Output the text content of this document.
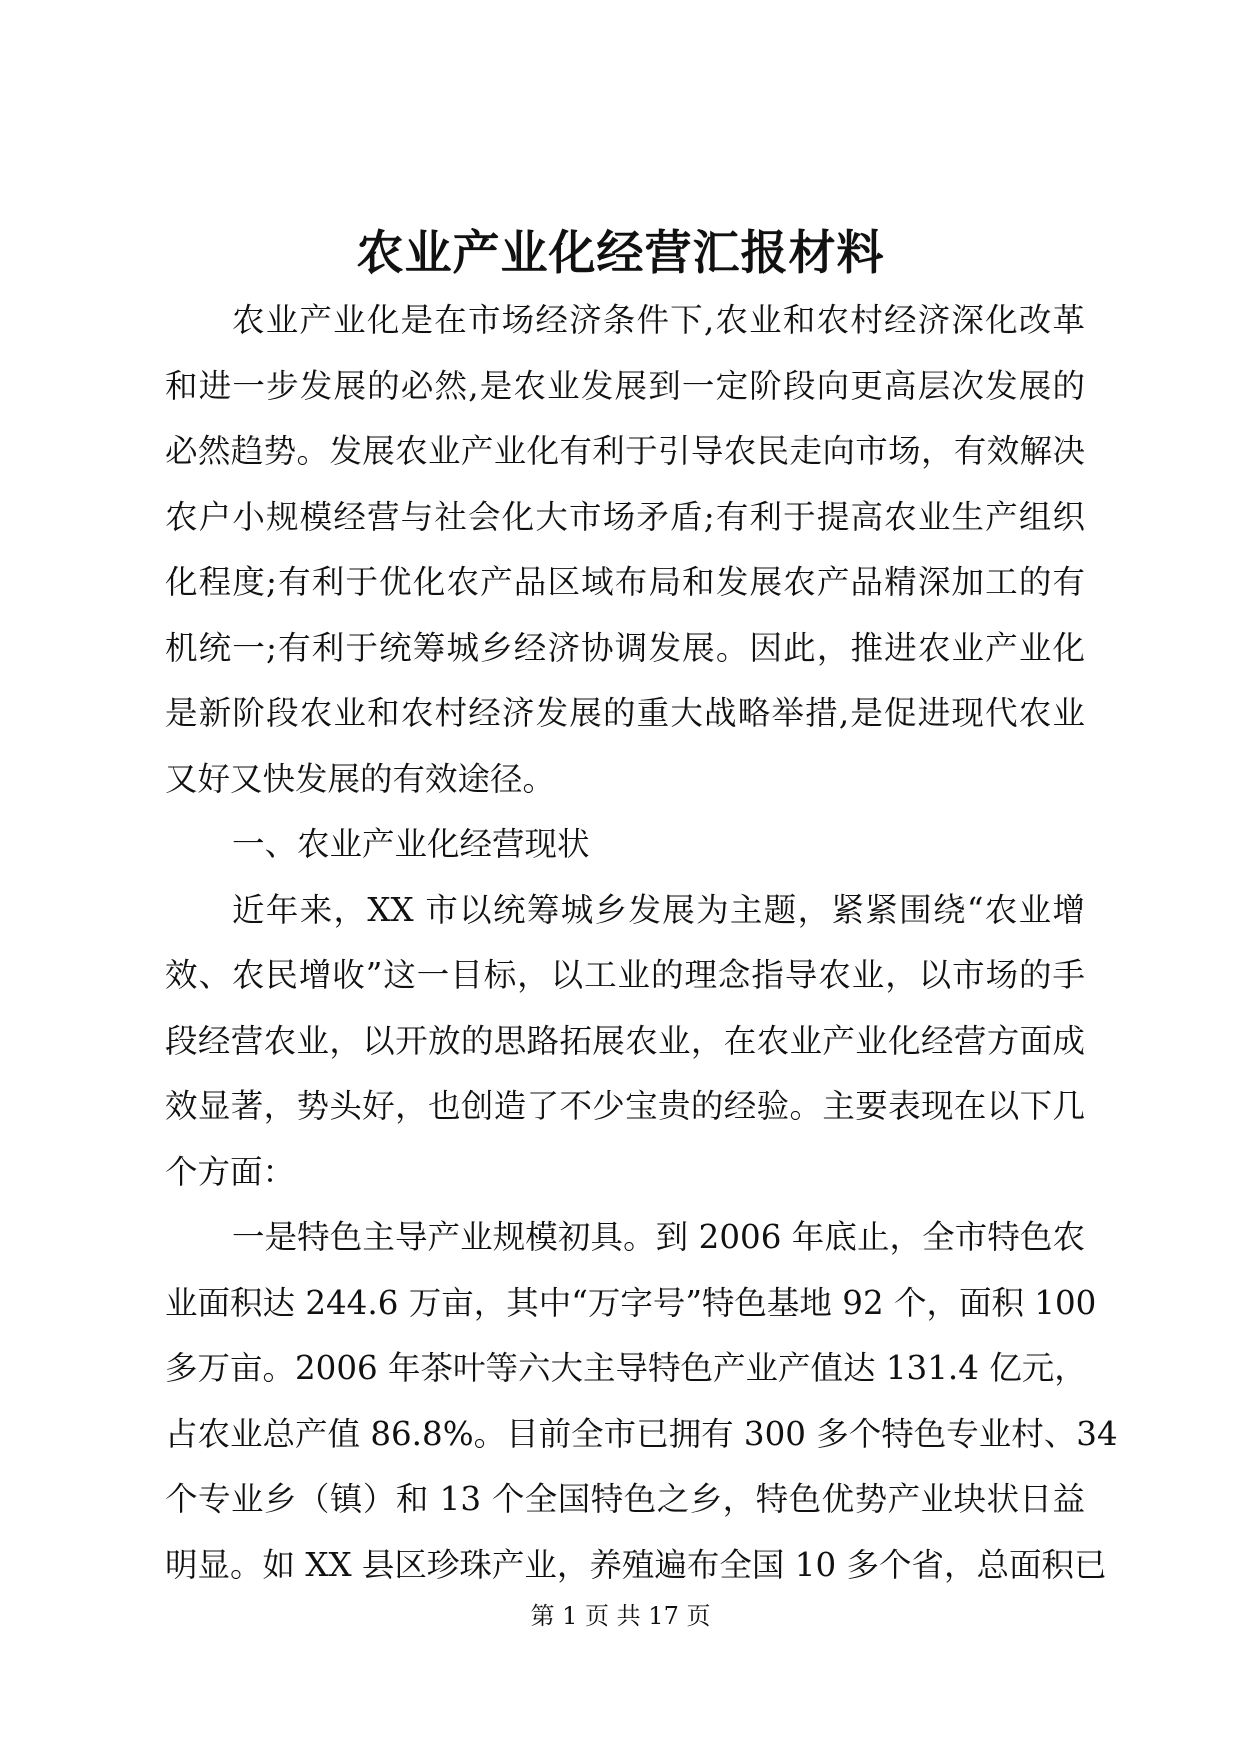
农业产业化经营汇报材料
农业产业化是在市场经济条件下,农业和农村经济深化改革
和进一步发展的必然,是农业发展到一定阶段向更高层次发展的
必然趋势。发展农业产业化有利于引导农民走向市场，有效解决
农户小规模经营与社会化大市场矛盾;有利于提高农业生产组织
化程度;有利于优化农产品区域布局和发展农产品精深加工的有
机统一;有利于统筹城乡经济协调发展。因此，推进农业产业化
是新阶段农业和农村经济发展的重大战略举措,是促进现代农业
又好又快发展的有效途径。
一、农业产业化经营现状
近年来，XX 市以统筹城乡发展为主题，紧紧围绕“农业增
效、农民增收”这一目标，以工业的理念指导农业，以市场的手
段经营农业，以开放的思路拓展农业，在农业产业化经营方面成
效显著，势头好，也创造了不少宝贵的经验。主要表现在以下几
个方面：
一是特色主导产业规模初具。到 2006 年底止，全市特色农
业面积达 244.6 万亩，其中“万字号”特色基地 92 个，面积 100
多万亩。2006 年茶叶等六大主导特色产业产值达 131.4 亿元，
占农业总产值 86.8%。目前全市已拥有 300 多个特色专业村、34
个专业乡（镇）和 13 个全国特色之乡，特色优势产业块状日益
明显。如 XX 县区珍珠产业，养殖遍布全国 10 多个省，总面积已
第 1 页 共 17 页
